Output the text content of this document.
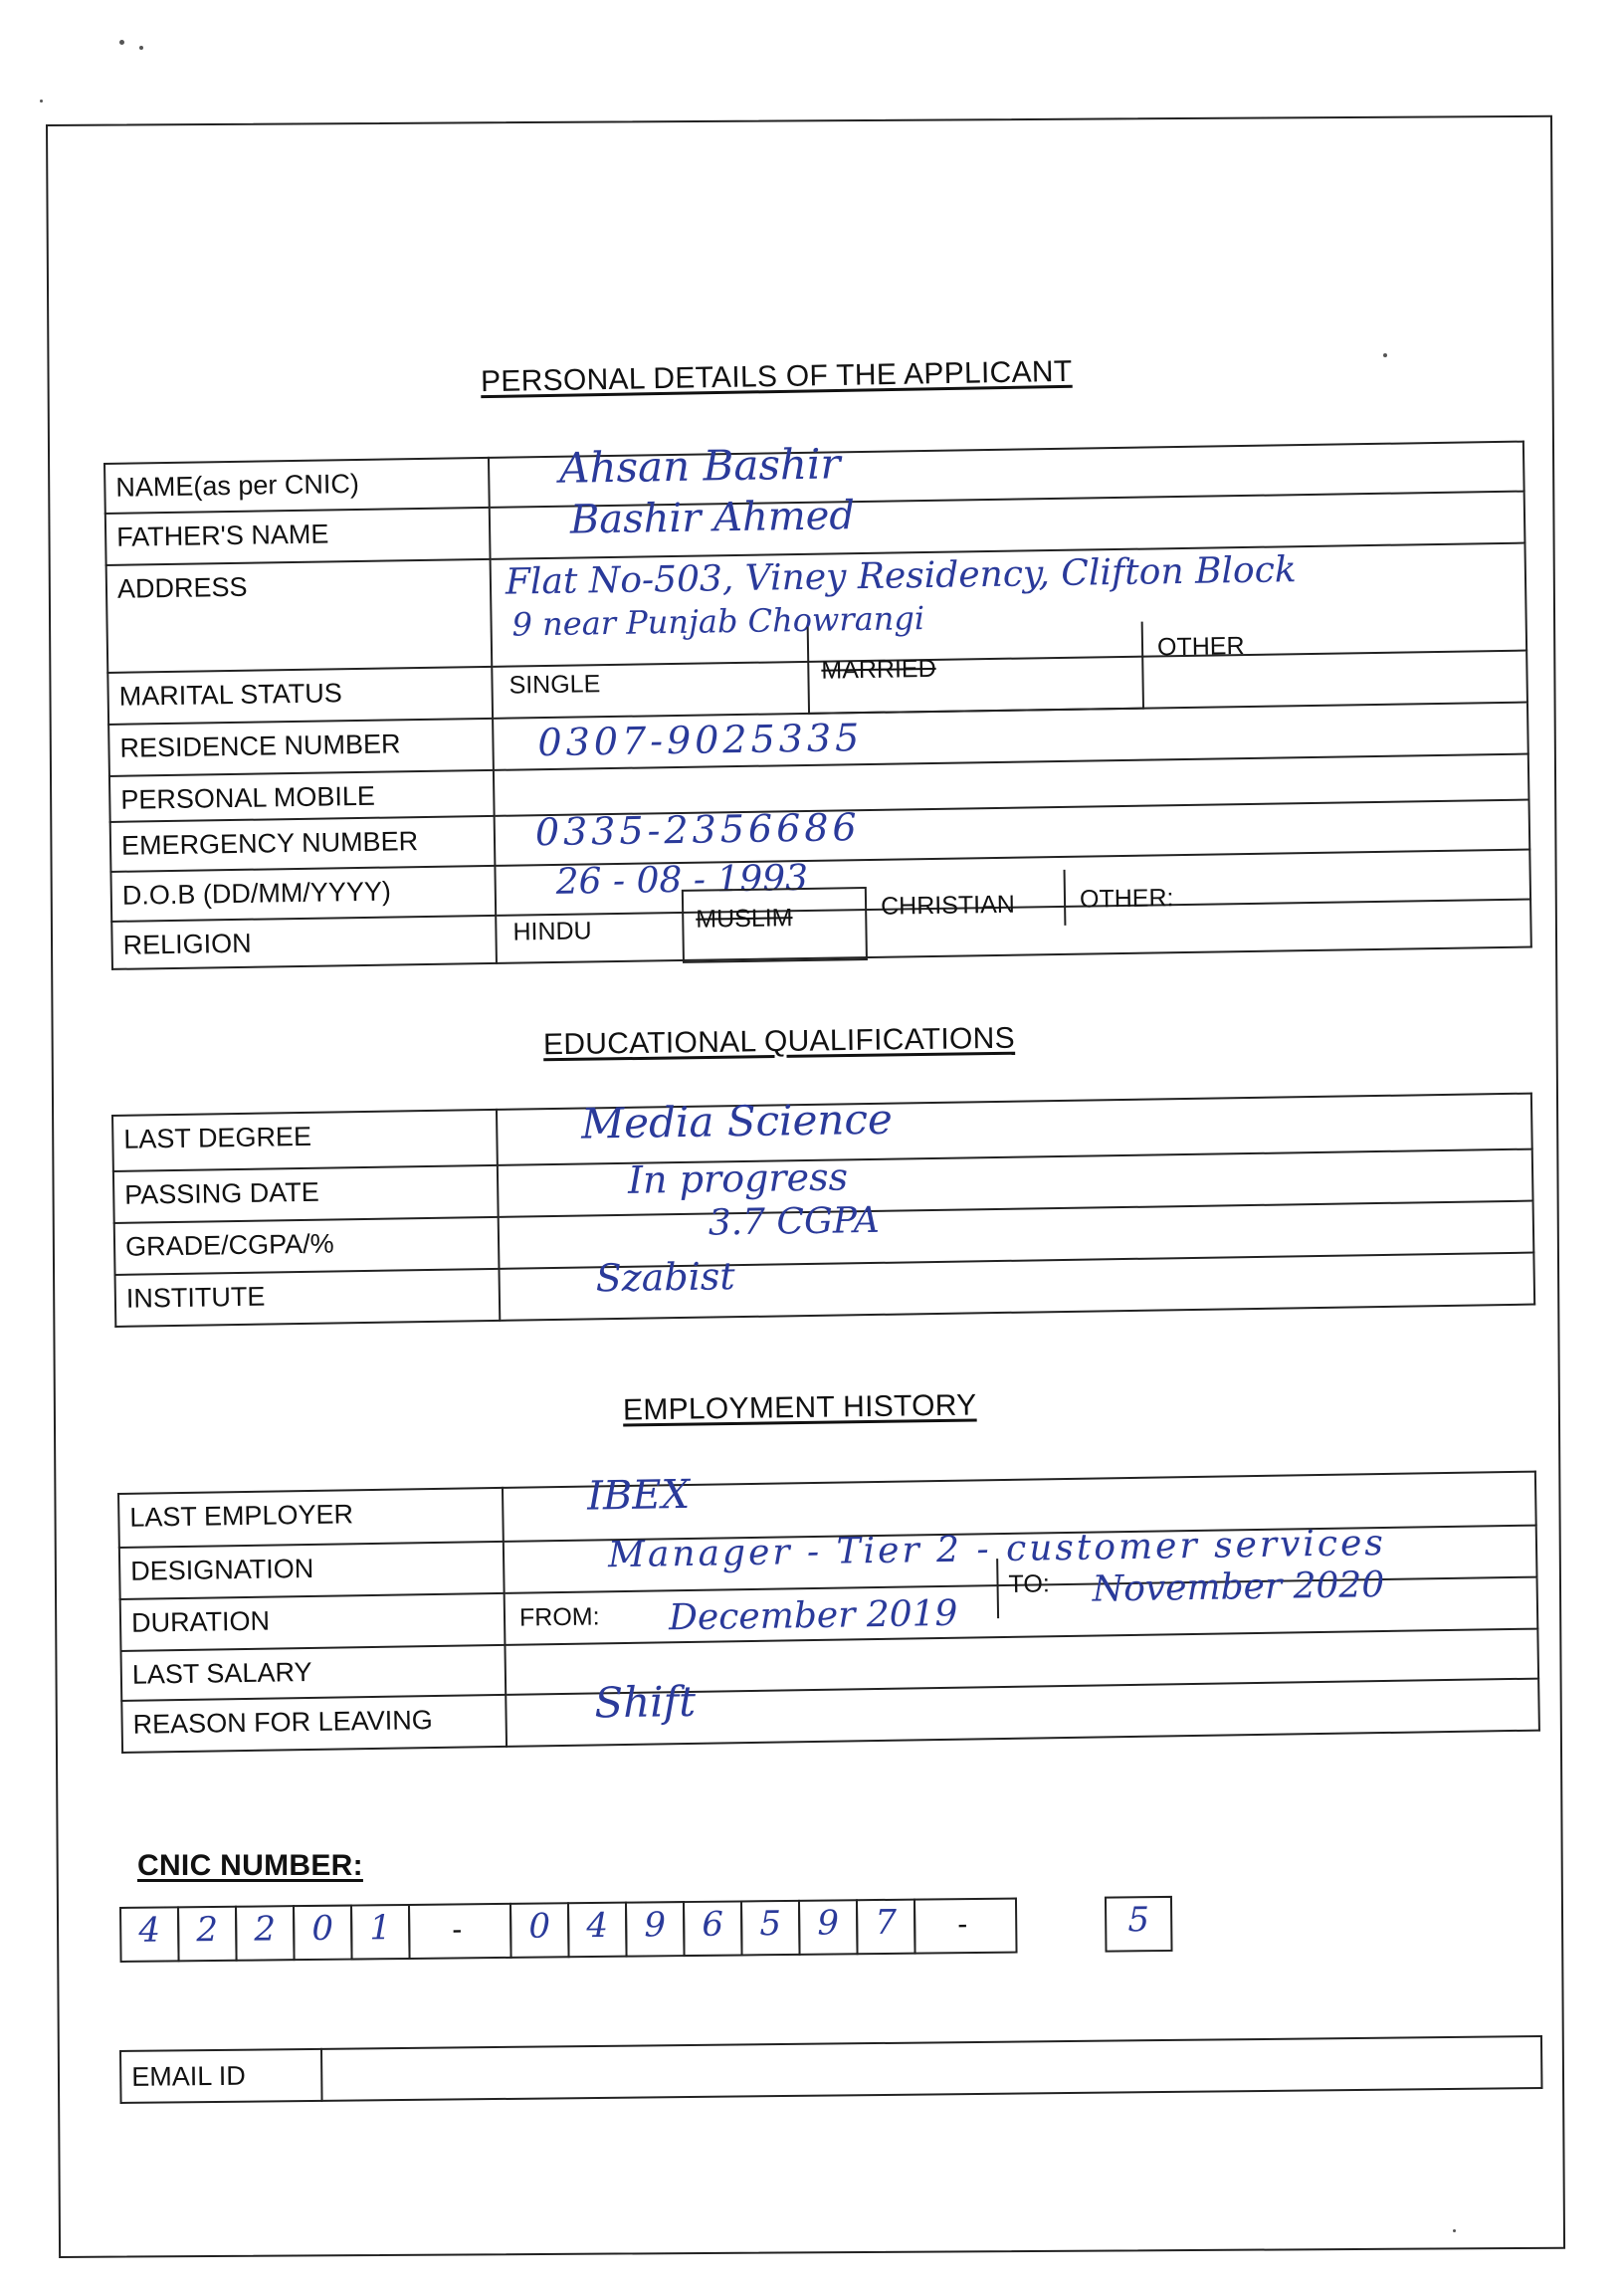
PERSONAL DETAILS OF THE APPLICANT
NAME(as per CNIC)	Ahsan Bashir

FATHER'S NAME	Bashir Ahmed

ADDRESS	Flat No-503, Viney Residency, Clifton Block
9 near Punjab Chowrangi

MARITAL STATUS	SINGLE
MARRIED
OTHER

RESIDENCE NUMBER	0307-9025335

PERSONAL MOBILE	

EMERGENCY NUMBER	0335-2356686

D.O.B (DD/MM/YYYY)	26 - 08 - 1993

RELIGION	HINDU MUSLIM CHRISTIAN OTHER:
EDUCATIONAL QUALIFICATIONS
LAST DEGREE	Media Science

PASSING DATE	In progress

GRADE/CGPA/%	3.7 CGPA

INSTITUTE	Szabist
EMPLOYMENT HISTORY
LAST EMPLOYER	IBEX

DESIGNATION	Manager - Tier 2 - customer services

DURATION	FROM: December 2019
TO: November 2020

LAST SALARY	

REASON FOR LEAVING	Shift
CNIC NUMBER:
4	2	2	0	1	-	0	4	9	6	5	9	7	-	5
EMAIL ID	
